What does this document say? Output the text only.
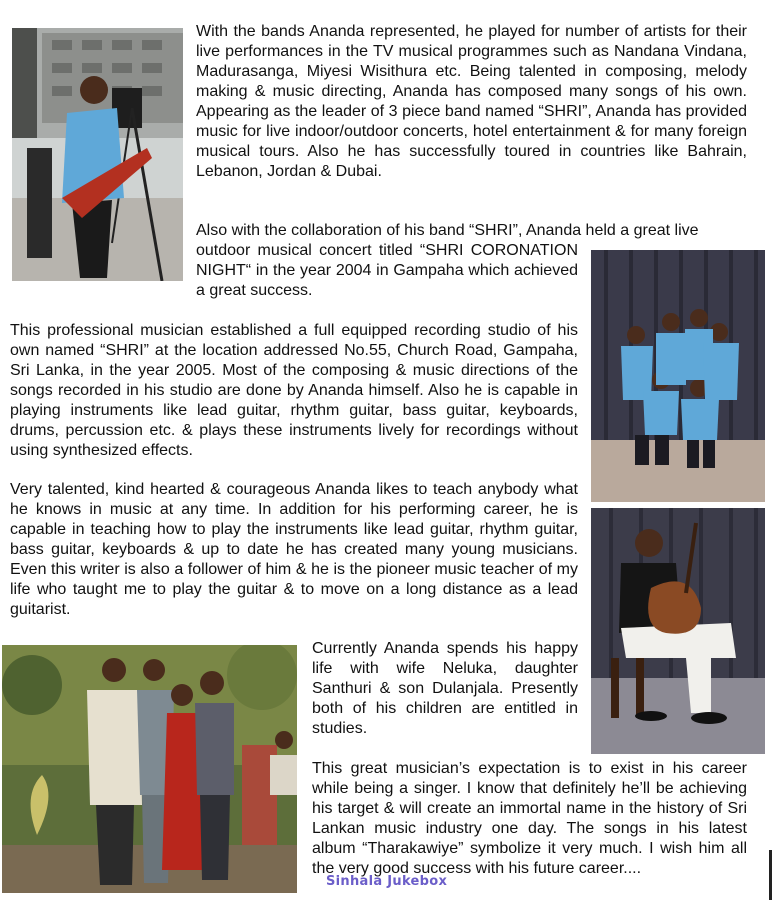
With the bands Ananda represented, he played for number of artists for their live performances in the TV musical programmes such as Nandana Vindana, Madurasanga, Miyesi Wisithura etc. Being talented in composing, melody making & music directing, Ananda has composed many songs of his own. Appearing as the leader of 3 piece band named “SHRI”, Ananda has provided music for live indoor/outdoor concerts, hotel entertainment & for many foreign musical tours. Also he has successfully toured in countries like Bahrain, Lebanon, Jordan & Dubai.

Also with the collaboration of his band “SHRI”, Ananda held a great live

outdoor musical concert titled “SHRI CORONATION NIGHT“ in the year 2004 in Gampaha which achieved a great success.

This professional musician established a full equipped recording studio of his own named “SHRI” at the location addressed No.55, Church Road, Gampaha, Sri Lanka, in the year 2005. Most of the composing & music directions of the songs recorded in his studio are done by Ananda himself. Also he is capable in playing instruments like lead guitar, rhythm guitar, bass guitar, keyboards, drums, percussion etc. & plays these instruments lively for recordings without using synthesized effects.

Very talented, kind hearted & courageous Ananda likes to teach anybody what he knows in music at any time. In addition for his performing career, he is capable in teaching how to play the instruments like lead guitar, rhythm guitar, bass guitar, keyboards & up to date he has created many young musicians. Even this writer is also a follower of him & he is the pioneer music teacher of my life who taught me to play the guitar & to move on a long distance as a lead guitarist.

Currently Ananda spends his happy life with wife Neluka, daughter Santhuri & son Dulanjala. Presently both of his children are entitled in studies.

This great musician’s expectation is to exist in his career while being a singer. I know that definitely he’ll be achieving his target & will create an immortal name in the history of Sri Lankan music industry one day. The songs in his latest album “Tharakawiye” symbolize it very much. I wish him all the very good success with his future career....

Sinhala Jukebox
